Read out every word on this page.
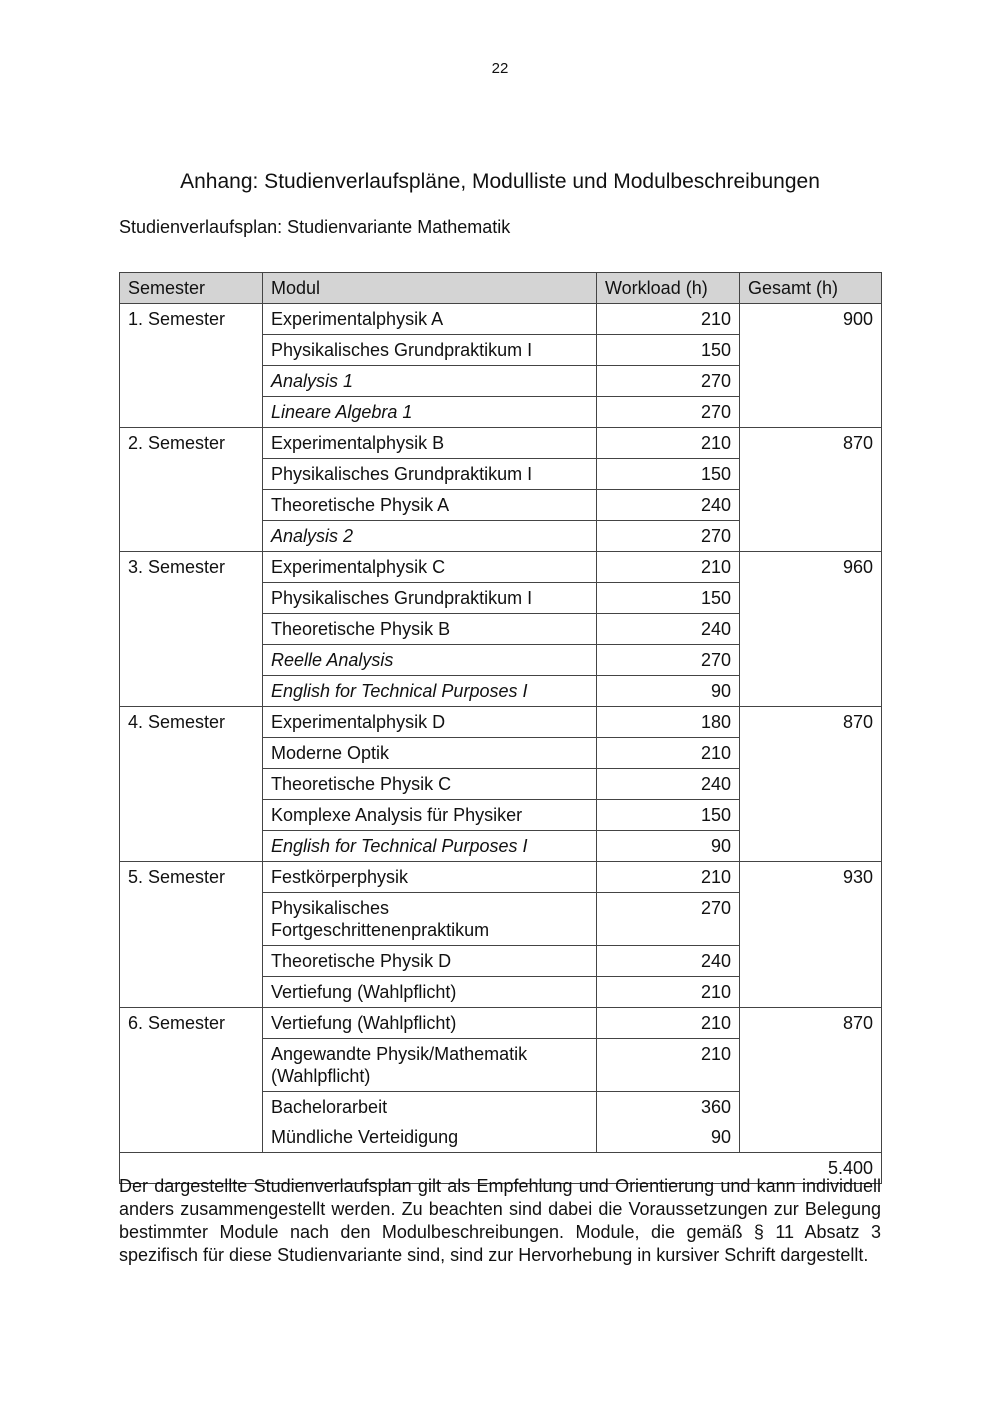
22
Anhang: Studienverlaufspläne, Modulliste und Modulbeschreibungen
Studienverlaufsplan: Studienvariante Mathematik
Semester	Modul	Workload (h)	Gesamt (h)
1. Semester	Experimentalphysik A	210	900
	Physikalisches Grundpraktikum I	150	
	Analysis 1	270	
	Lineare Algebra 1	270	
2. Semester	Experimentalphysik B	210	870
	Physikalisches Grundpraktikum I	150	
	Theoretische Physik A	240	
	Analysis 2	270	
3. Semester	Experimentalphysik C	210	960
	Physikalisches Grundpraktikum I	150	
	Theoretische Physik B	240	
	Reelle Analysis	270	
	English for Technical Purposes I	90	
4. Semester	Experimentalphysik D	180	870
	Moderne Optik	210	
	Theoretische Physik C	240	
	Komplexe Analysis für Physiker	150	
	English for Technical Purposes I	90	
5. Semester	Festkörperphysik	210	930
	Physikalisches Fortgeschrittenenpraktikum	270	
	Theoretische Physik D	240	
	Vertiefung (Wahlpflicht)	210	
6. Semester	Vertiefung (Wahlpflicht)	210	870
	Angewandte Physik/Mathematik (Wahlpflicht)	210	
	Bachelorarbeit	360	
	Mündliche Verteidigung	90	
5.400			
Der dargestellte Studienverlaufsplan gilt als Empfehlung und Orientierung und kann individuell anders zusammengestellt werden. Zu beachten sind dabei die Voraussetzungen zur Belegung bestimmter Module nach den Modulbeschreibungen. Module, die gemäß § 11 Absatz 3 spezifisch für diese Studienvariante sind, sind zur Hervorhebung in kursiver Schrift dargestellt.
